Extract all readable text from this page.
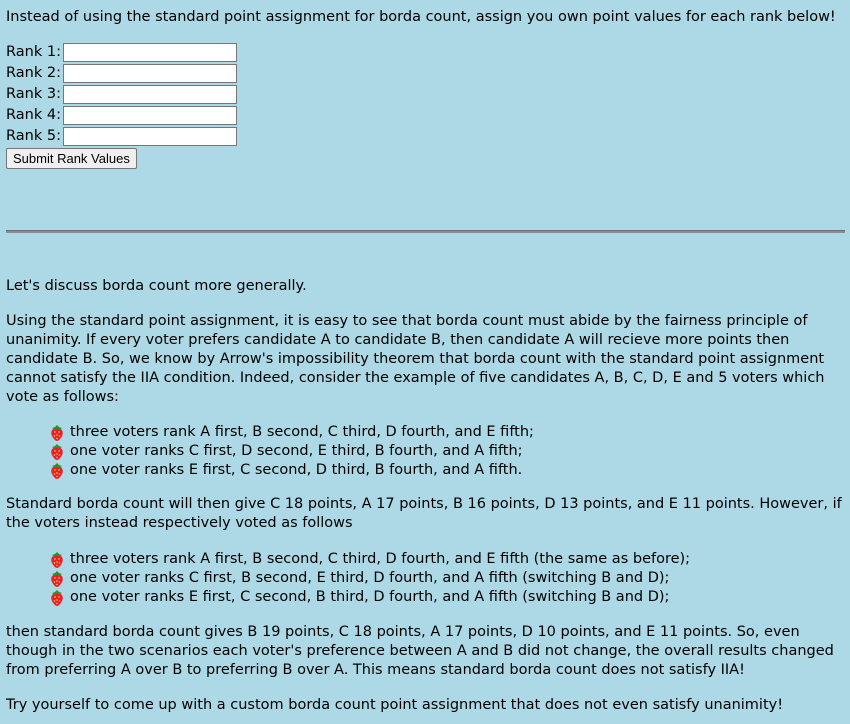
Instead of using the standard point assignment for borda count, assign you own point values for each rank below!
Rank 1:
Rank 2:
Rank 3:
Rank 4:
Rank 5:
Submit Rank Values

Let's discuss borda count more generally.

Using the standard point assignment, it is easy to see that borda count must abide by the fairness principle of unanimity. If every voter prefers candidate A to candidate B, then candidate A will recieve more points then candidate B. So, we know by Arrow's impossibility theorem that borda count with the standard point assignment cannot satisfy the IIA condition. Indeed, consider the example of five candidates A, B, C, D, E and 5 voters which vote as follows:

three voters rank A first, B second, C third, D fourth, and E fifth;
one voter ranks C first, D second, E third, B fourth, and A fifth;
one voter ranks E first, C second, D third, B fourth, and A fifth.

Standard borda count will then give C 18 points, A 17 points, B 16 points, D 13 points, and E 11 points. However, if the voters instead respectively voted as follows

three voters rank A first, B second, C third, D fourth, and E fifth (the same as before);
one voter ranks C first, B second, E third, D fourth, and A fifth (switching B and D);
one voter ranks E first, C second, B third, D fourth, and A fifth (switching B and D);

then standard borda count gives B 19 points, C 18 points, A 17 points, D 10 points, and E 11 points. So, even though in the two scenarios each voter's preference between A and B did not change, the overall results changed from preferring A over B to preferring B over A. This means standard borda count does not satisfy IIA!

Try yourself to come up with a custom borda count point assignment that does not even satisfy unanimity!
